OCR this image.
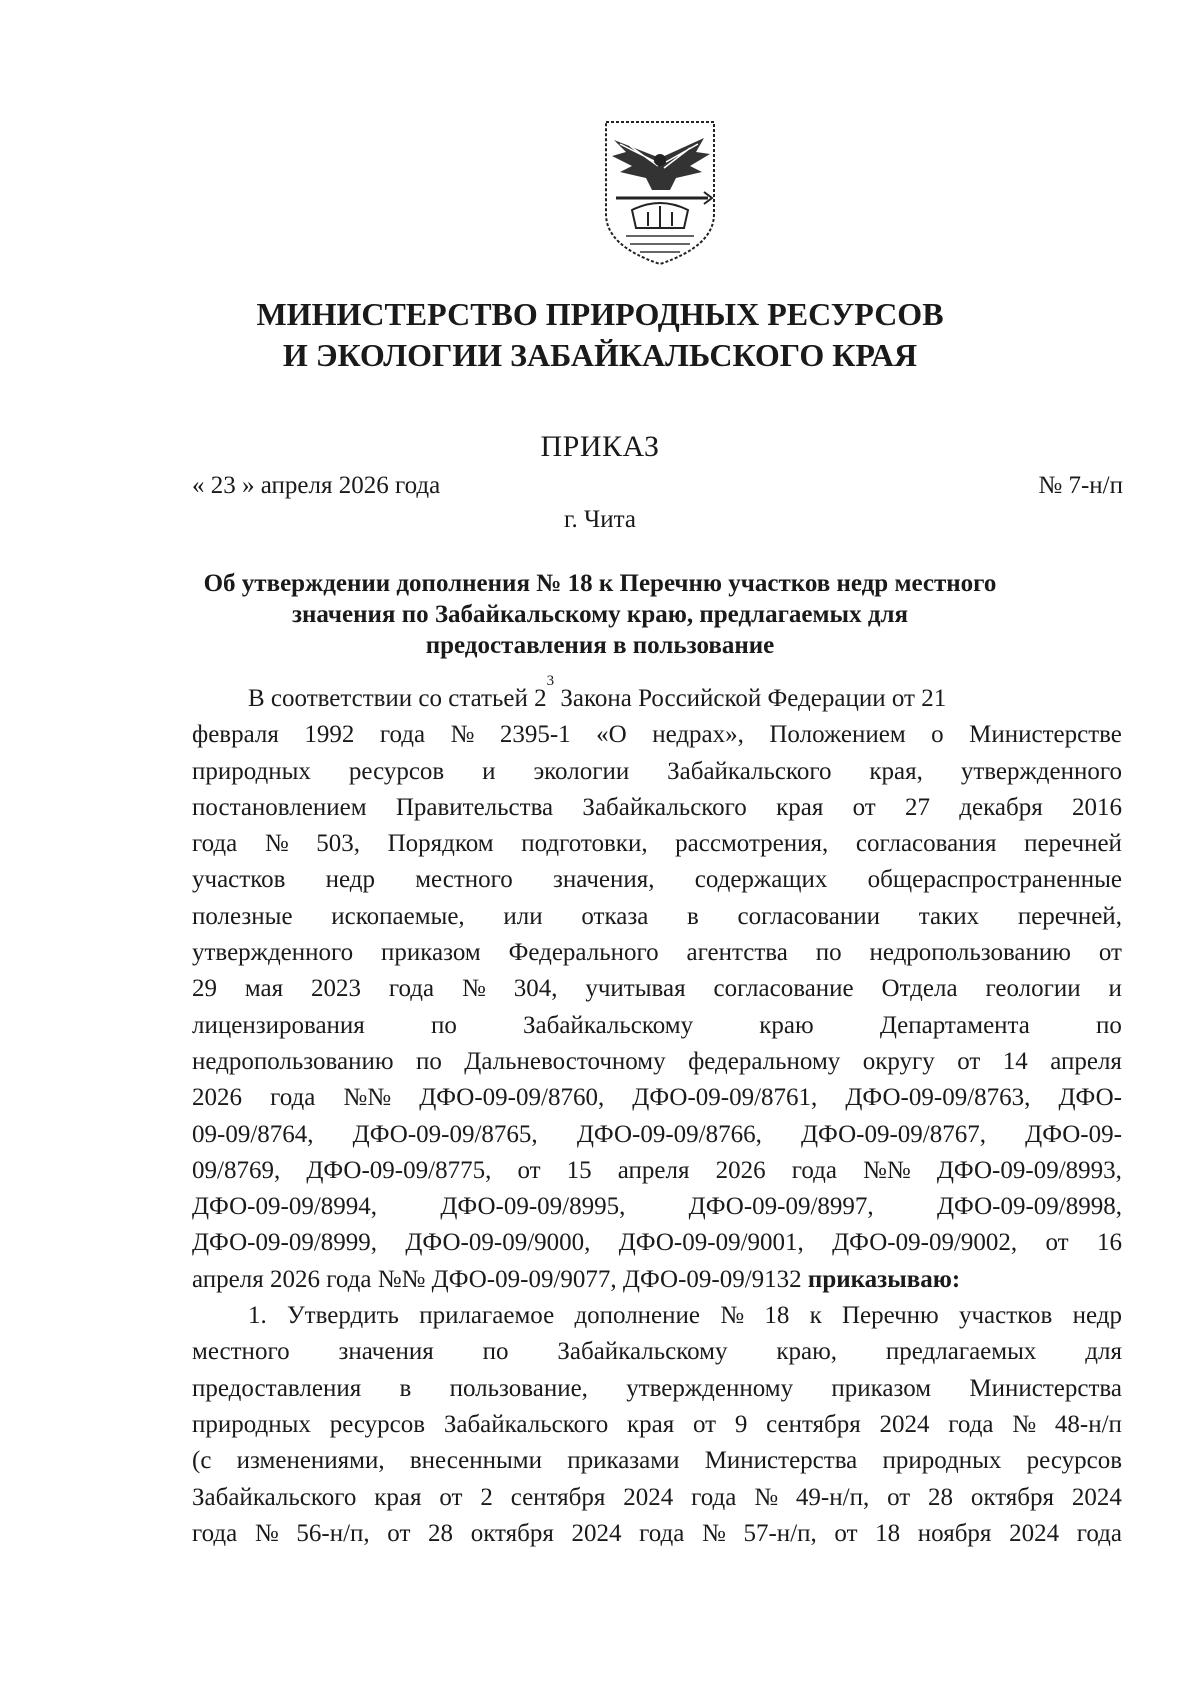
МИНИСТЕРСТВО ПРИРОДНЫХ РЕСУРСОВ
И ЭКОЛОГИИ ЗАБАЙКАЛЬСКОГО КРАЯ
ПРИКАЗ
« 23 » апреля 2026 года	№ 7-н/п
г. Чита
Об утверждении дополнения № 18 к Перечню участков недр местного
значения по Забайкальскому краю, предлагаемых для
предоставления в пользование
В соответствии со статьей 2
3
Закона Российской Федерации от 21
февраля 1992 года № 2395-1 «О недрах», Положением о Министерстве
природных ресурсов и экологии Забайкальского края, утвержденного
постановлением Правительства Забайкальского края от 27 декабря 2016
года № 503, Порядком подготовки, рассмотрения, согласования перечней
участков недр местного значения, содержащих общераспространенные
полезные ископаемые, или отказа в согласовании таких перечней,
утвержденного приказом Федерального агентства по недропользованию от
29 мая 2023 года № 304, учитывая согласование Отдела геологии и
лицензирования	по	Забайкальскому	краю	Департамента	по
недропользованию по Дальневосточному федеральному округу от 14 апреля
2026 года №№ ДФО-09-09/8760, ДФО-09-09/8761, ДФО-09-09/8763, ДФО-
09-09/8764, ДФО-09-09/8765, ДФО-09-09/8766, ДФО-09-09/8767, ДФО-09-
09/8769, ДФО-09-09/8775, от 15 апреля 2026 года №№ ДФО-09-09/8993,
ДФО-09-09/8994,	ДФО-09-09/8995,	ДФО-09-09/8997,	ДФО-09-09/8998,
ДФО-09-09/8999, ДФО-09-09/9000, ДФО-09-09/9001, ДФО-09-09/9002, от 16
апреля 2026 года №№ ДФО-09-09/9077, ДФО-09-09/9132 приказываю:
1. Утвердить прилагаемое дополнение № 18 к Перечню участков недр
местного значения по Забайкальскому краю, предлагаемых для
предоставления в пользование, утвержденному приказом Министерства
природных ресурсов Забайкальского края от 9 сентября 2024 года № 48-н/п
(с изменениями, внесенными приказами Министерства природных ресурсов
Забайкальского края от 2 сентября 2024 года № 49-н/п, от 28 октября 2024
года № 56-н/п, от 28 октября 2024 года № 57-н/п, от 18 ноября 2024 года
